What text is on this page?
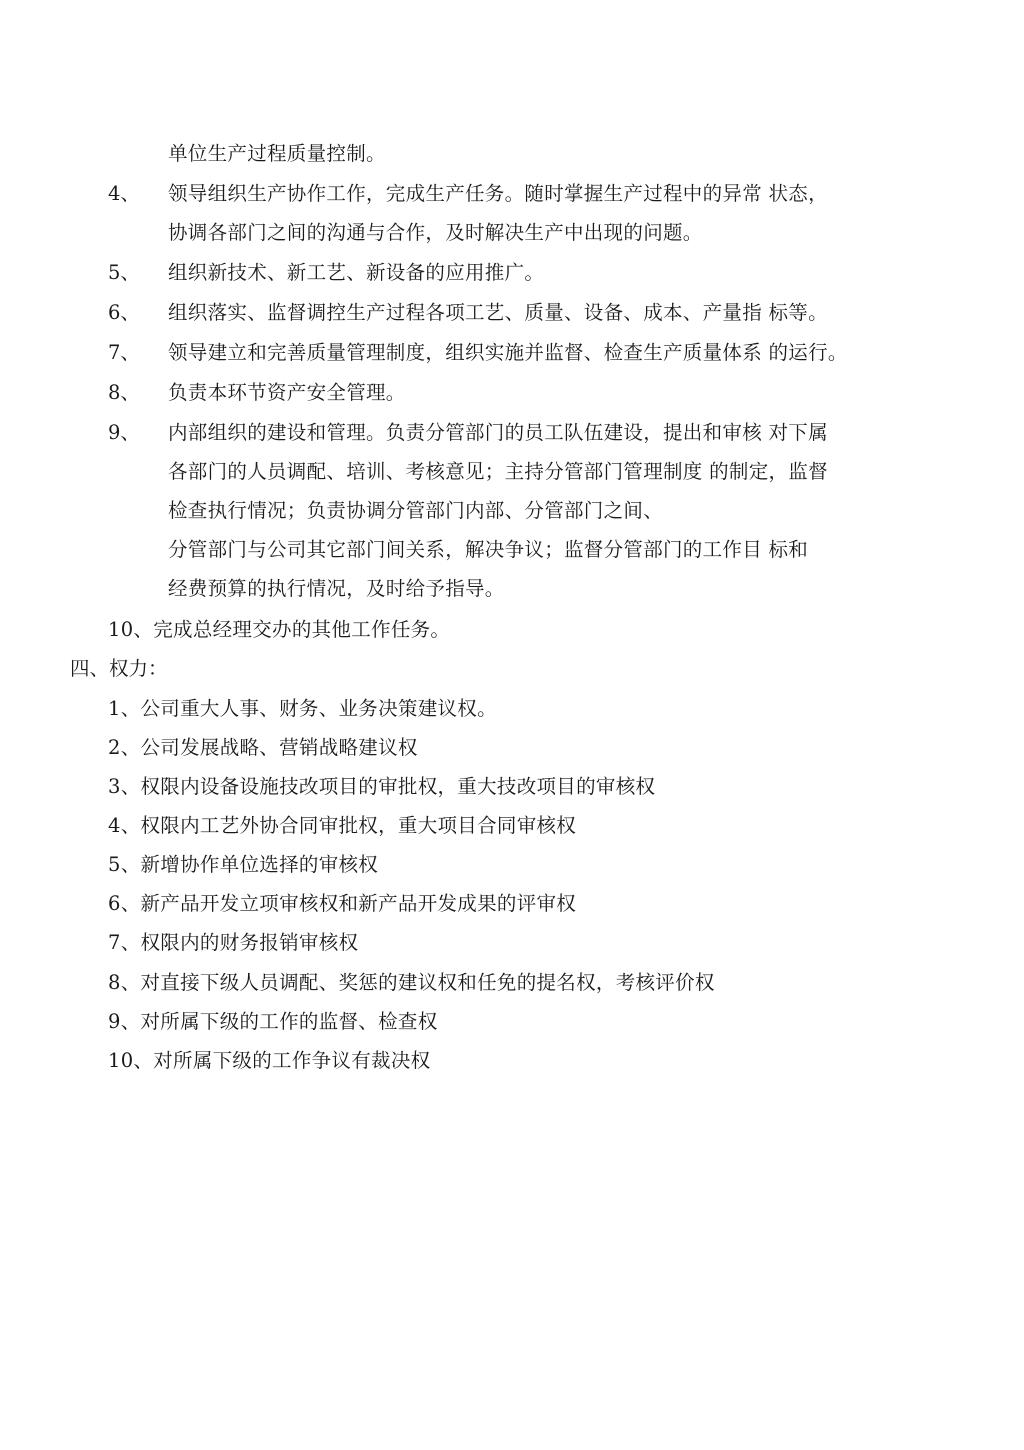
单位生产过程质量控制。
4、 领导组织生产协作工作，完成生产任务。随时掌握生产过程中的异常 状态，
协调各部门之间的沟通与合作，及时解决生产中出现的问题。
5、 组织新技术、新工艺、新设备的应用推广。
6、 组织落实、监督调控生产过程各项工艺、质量、设备、成本、产量指 标等。
7、 领导建立和完善质量管理制度，组织实施并监督、检查生产质量体系 的运行。
8、 负责本环节资产安全管理。
9、 内部组织的建设和管理。负责分管部门的员工队伍建设，提出和审核 对下属
各部门的人员调配、培训、考核意见；主持分管部门管理制度 的制定，监督
检查执行情况；负责协调分管部门内部、分管部门之间、
分管部门与公司其它部门间关系，解决争议；监督分管部门的工作目 标和
经费预算的执行情况，及时给予指导。
10、完成总经理交办的其他工作任务。
四、权力：
1、公司重大人事、财务、业务决策建议权。
2、公司发展战略、营销战略建议权
3、权限内设备设施技改项目的审批权，重大技改项目的审核权
4、权限内工艺外协合同审批权，重大项目合同审核权
5、新增协作单位选择的审核权
6、新产品开发立项审核权和新产品开发成果的评审权
7、权限内的财务报销审核权
8、对直接下级人员调配、奖惩的建议权和任免的提名权，考核评价权
9、对所属下级的工作的监督、检查权
10、对所属下级的工作争议有裁决权
